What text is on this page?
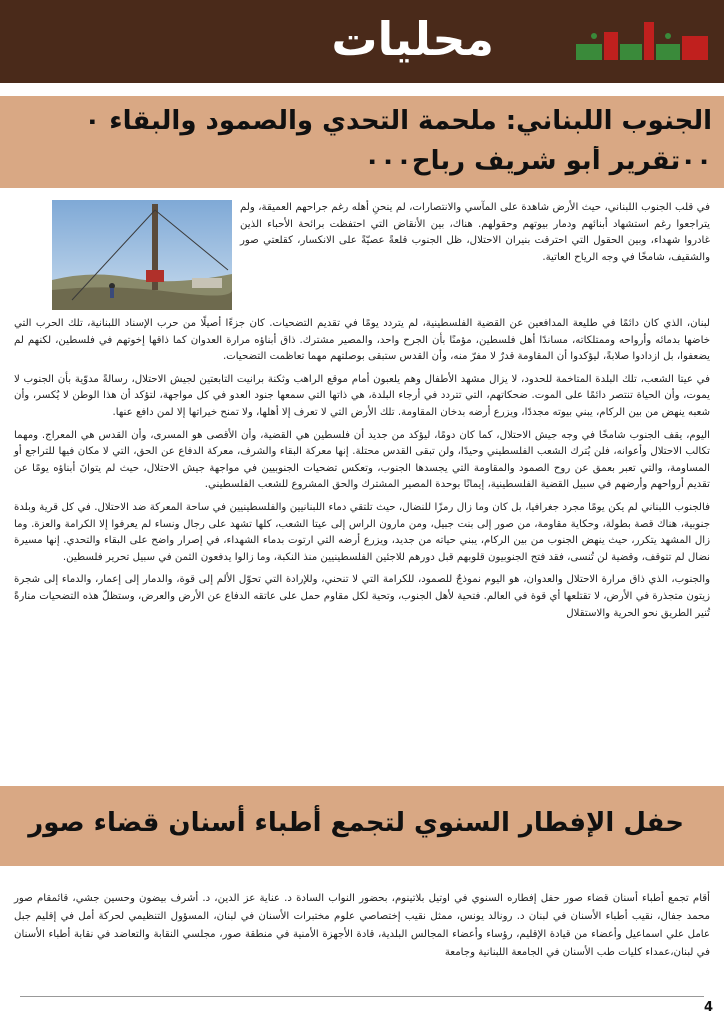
محليات
الجنوب اللبناني: ملحمة التحدي والصمود والبقاء ٠
٠٠تقرير أبو شريف رباح٠٠٠

في قلب الجنوب اللبناني، حيث الأرض شاهدة على المآسي والانتصارات، لم ينحنِ أهله رغم جراحهم العميقة، ولم يتراجعوا رغم استشهاد أبنائهم ودمار بيوتهم وحقولهم. هناك، بين الأنقاض التي احتفظت برائحة الأحباء الذين غادروا شهداء، وبين الحقول التي احترقت بنيران الاحتلال، ظل الجنوب قلعةً عصيّةً على الانكسار، كقلعتي صور والشقيف، شامخًا في وجه الرياح العاتية.

لبنان، الذي كان دائمًا في طليعة المدافعين عن القضية الفلسطينية، لم يتردد يومًا في تقديم التضحيات. كان جزءًا أصيلًا من حرب الإسناد اللبنانية، تلك الحرب التي خاضها بدمائه وأرواحه وممتلكاته، مساندًا أهل فلسطين، مؤمنًا بأن الجرح واحد، والمصير مشترك. ذاق أبناؤه مرارة العدوان كما ذاقها إخوتهم في فلسطين، لكنهم لم يضعفوا، بل ازدادوا صلابةً، ليؤكدوا أن المقاومة قدرٌ لا مفرّ منه، وأن القدس ستبقى بوصلتهم مهما تعاظمت التضحيات.

في عيتا الشعب، تلك البلدة المتاخمة للحدود، لا يزال مشهد الأطفال وهم يلعبون أمام موقع الراهب وثكنة برانيت التابعتين لجيش الاحتلال، رسالةً مدوّية بأن الجنوب لا يموت، وأن الحياة تنتصر دائمًا على الموت. ضحكاتهم، التي تتردد في أرجاء البلدة، هي ذاتها التي سمعها جنود العدو في كل مواجهة، لتؤكد أن هذا الوطن لا يُكسر، وأن شعبه ينهض من بين الركام، يبني بيوته مجددًا، ويزرع أرضه بدخان المقاومة. تلك الأرض التي لا تعرف إلا أهلها، ولا تمنح خيراتها إلا لمن دافع عنها.

اليوم، يقف الجنوب شامخًا في وجه جيش الاحتلال، كما كان دومًا، ليؤكد من جديد أن فلسطين هي القضية، وأن الأقصى هو المسرى، وأن القدس هي المعراج. ومهما تكالب الاحتلال وأعوانه، فلن يُترك الشعب الفلسطيني وحيدًا، ولن تبقى القدس محتلة. إنها معركة البقاء والشرف، معركة الدفاع عن الحق، التي لا مكان فيها للتراجع أو المساومة، والتي تعبر بعمق عن روح الصمود والمقاومة التي يجسدها الجنوب، وتعكس تضحيات الجنوبيين في مواجهة جيش الاحتلال، حيث لم يتوانَ أبناؤه يومًا عن تقديم أرواحهم وأرضهم في سبيل القضية الفلسطينية، إيمانًا بوحدة المصير المشترك والحق المشروع للشعب الفلسطيني.

فالجنوب اللبناني لم يكن يومًا مجرد جغرافيا، بل كان وما زال رمزًا للنضال، حيث تلتقي دماء اللبنانيين والفلسطينيين في ساحة المعركة ضد الاحتلال. في كل قرية وبلدة جنوبية، هناك قصة بطولة، وحكاية مقاومة، من صور إلى بنت جبيل، ومن مارون الراس إلى عيتا الشعب، كلها تشهد على رجال ونساء لم يعرفوا إلا الكرامة والعزة. وما زال المشهد يتكرر، حيث ينهض الجنوب من بين الركام، يبني حياته من جديد، ويزرع أرضه التي ارتوت بدماء الشهداء، في إصرار واضح على البقاء والتحدي. إنها مسيرة نضال لم تتوقف، وقضية لن تُنسى، فقد فتح الجنوبيون قلوبهم قبل دورهم للاجئين الفلسطينيين منذ النكبة، وما زالوا يدفعون الثمن في سبيل تحرير فلسطين.

والجنوب، الذي ذاق مرارة الاحتلال والعدوان، هو اليوم نموذجٌ للصمود، للكرامة التي لا تنحني، وللإرادة التي تحوّل الألم إلى قوة، والدمار إلى إعمار، والدماء إلى شجرة زيتون متجذرة في الأرض، لا تقتلعها أي قوة في العالم. فتحية لأهل الجنوب، وتحية لكل مقاوم حمل على عاتقه الدفاع عن الأرض والعرض، وستظلّ هذه التضحيات منارةً تُنير الطريق نحو الحرية والاستقلال

حفل الإفطار السنوي لتجمع أطباء أسنان قضاء صور

أقام تجمع أطباء أسنان قضاء صور حفل إفطاره السنوي في اوتيل بلاتينوم، بحضور النواب السادة د. عناية عز الدين، د. أشرف بيضون وحسين جشي، قائمقام صور محمد جفال، نقيب أطباء الأسنان في لبنان د. رونالد يونس، ممثل نقيب إختصاصي علوم مختبرات الأسنان في لبنان، المسؤول التنظيمي لحركة أمل في إقليم جبل عامل علي اسماعيل وأعضاء من قيادة الإقليم، رؤساء وأعضاء المجالس البلدية، قادة الأجهزة الأمنية في منطقة صور، مجلسي النقابة والتعاضد في نقابة أطباء الأسنان في لبنان،عمداء كليات طب الأسنان في الجامعة اللبنانية وجامعة

4
